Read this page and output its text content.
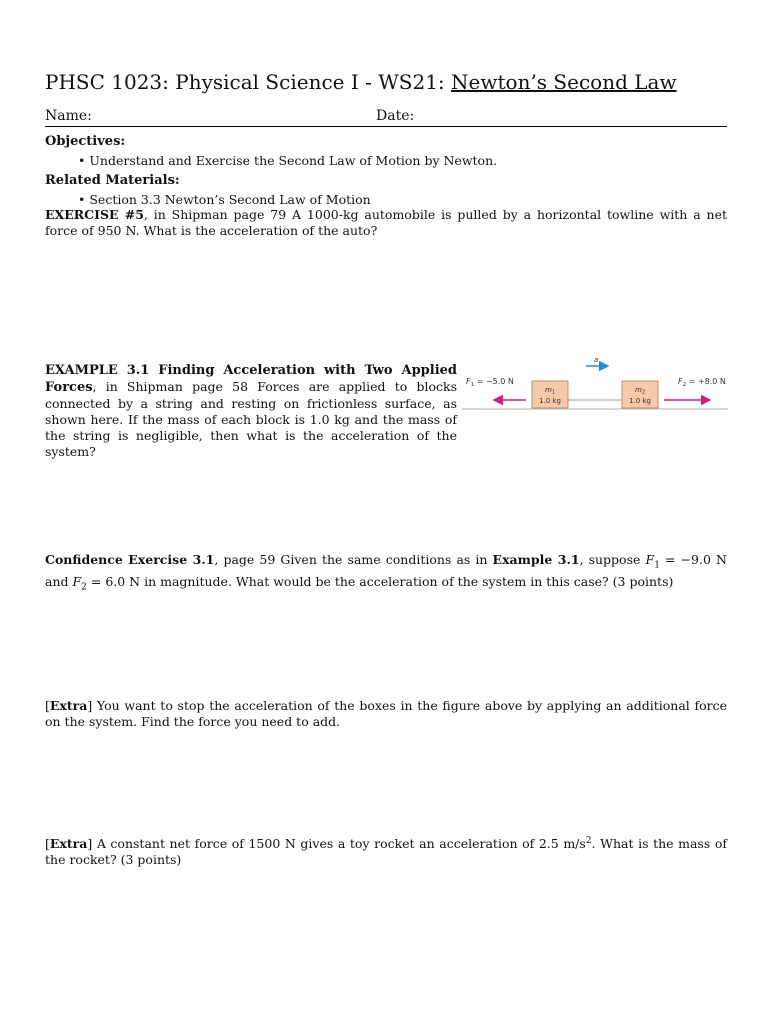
PHSC 1023: Physical Science I - WS21: Newton’s Second Law
Name:	Date:
Objectives:
• Understand and Exercise the Second Law of Motion by Newton.
Related Materials:
• Section 3.3 Newton’s Second Law of Motion
EXERCISE #5, in Shipman page 79 A 1000-kg automobile is pulled by a horizontal towline with a net force of 950 N. What is the acceleration of the auto?
EXAMPLE 3.1 Finding Acceleration with Two Applied Forces, in Shipman page 58 Forces are applied to blocks connected by a string and resting on frictionless surface, as shown here. If the mass of each block is 1.0 kg and the mass of the string is negligible, then what is the acceleration of the system?
a
$F_1 = -5.0$ N	$F_2 = +8.0$ N
$m_1$
1.0 kg
$m_2$
1.0 kg
Confidence Exercise 3.1, page 59 Given the same conditions as in Example 3.1, suppose $F_1 = -9.0$ N and $F_2 = 6.0$ N in magnitude. What would be the acceleration of the system in this case? (3 points)
[Extra] You want to stop the acceleration of the boxes in the figure above by applying an additional force on the system. Find the force you need to add.
[Extra] A constant net force of 1500 N gives a toy rocket an acceleration of 2.5 $m/s^2$. What is the mass of the rocket? (3 points)
